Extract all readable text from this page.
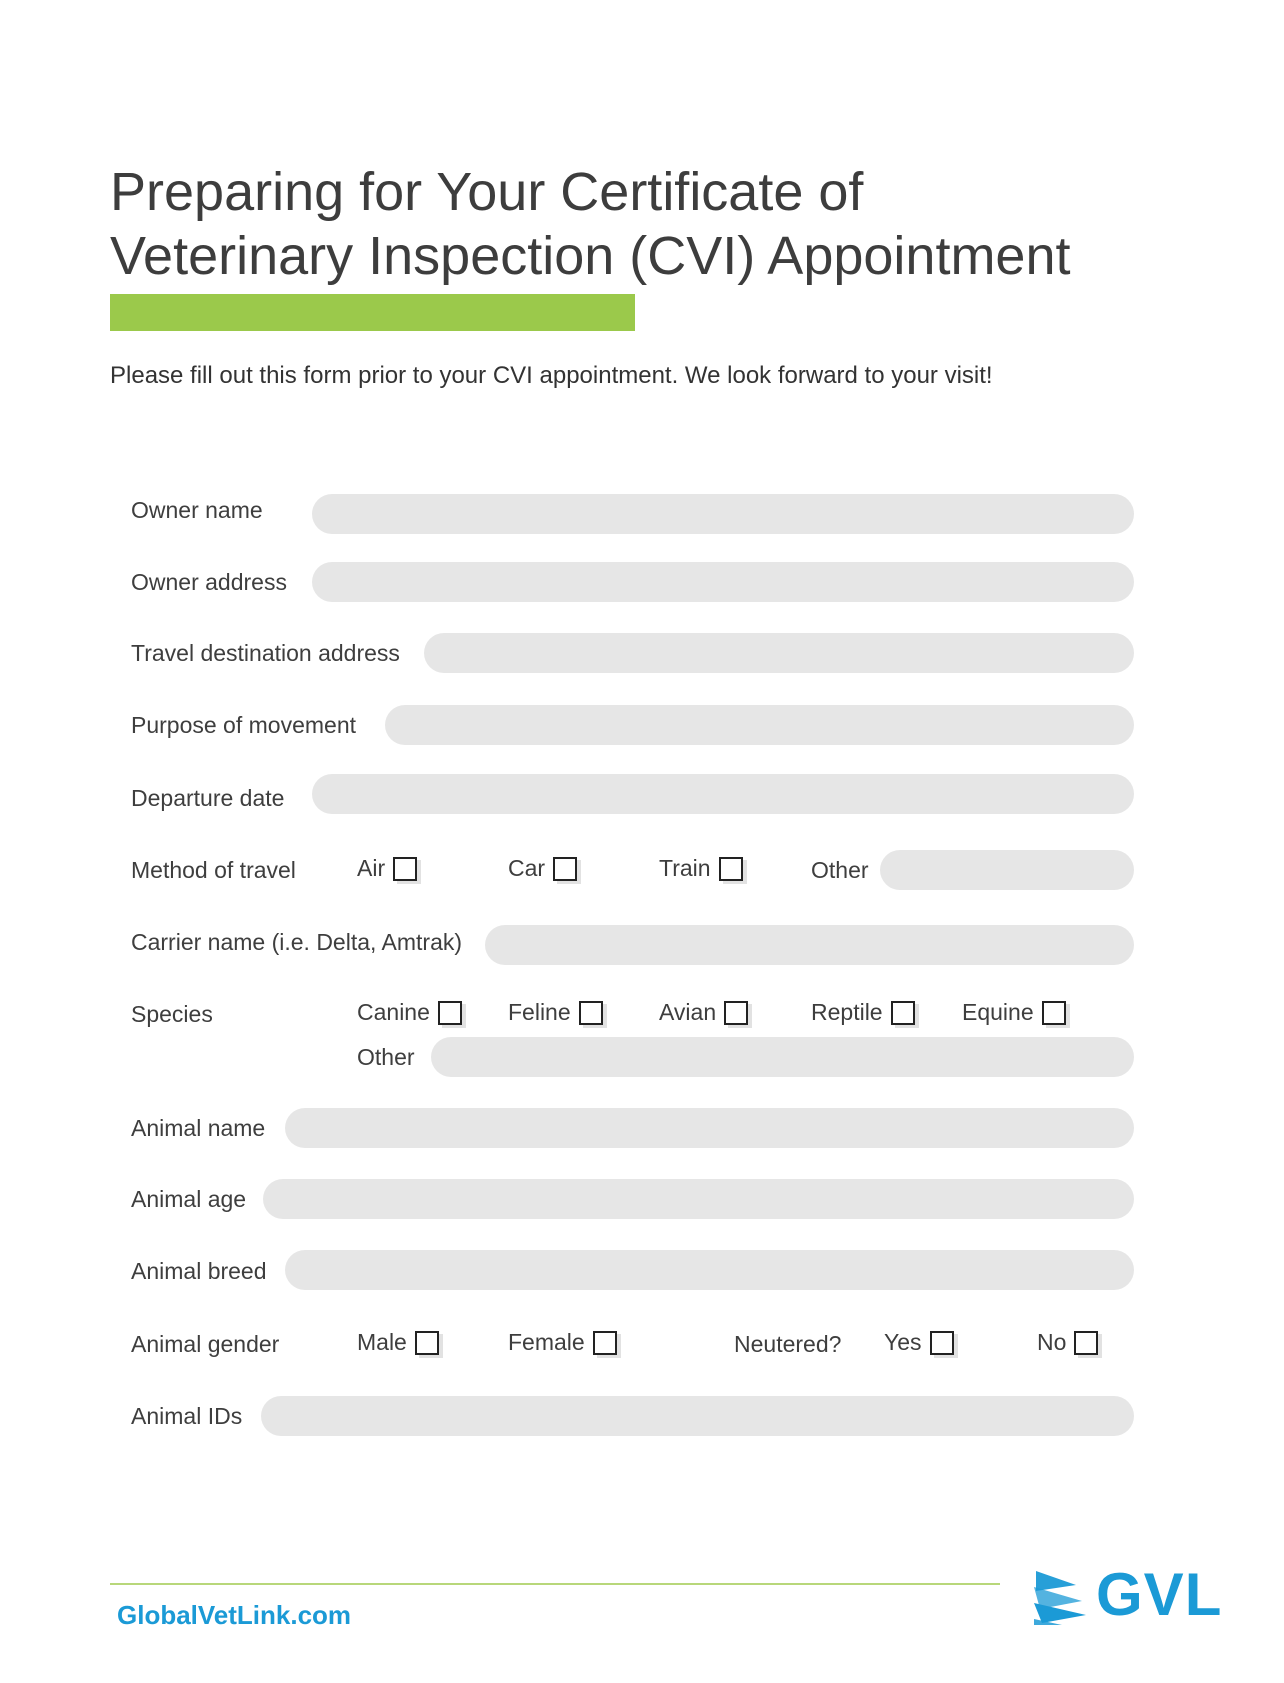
Preparing for Your Certificate of
Veterinary Inspection (CVI) Appointment
Please fill out this form prior to your CVI appointment. We look forward to your visit!
Owner name
Owner address
Travel destination address
Purpose of movement
Departure date
Method of travel	Air	Car	Train	Other
Carrier name (i.e. Delta, Amtrak)
Species	Canine	Feline	Avian	Reptile	Equine
Other
Animal name
Animal age
Animal breed
Animal gender	Male	Female	Neutered? Yes	No
Animal IDs
GlobalVetLink.com	GVL
